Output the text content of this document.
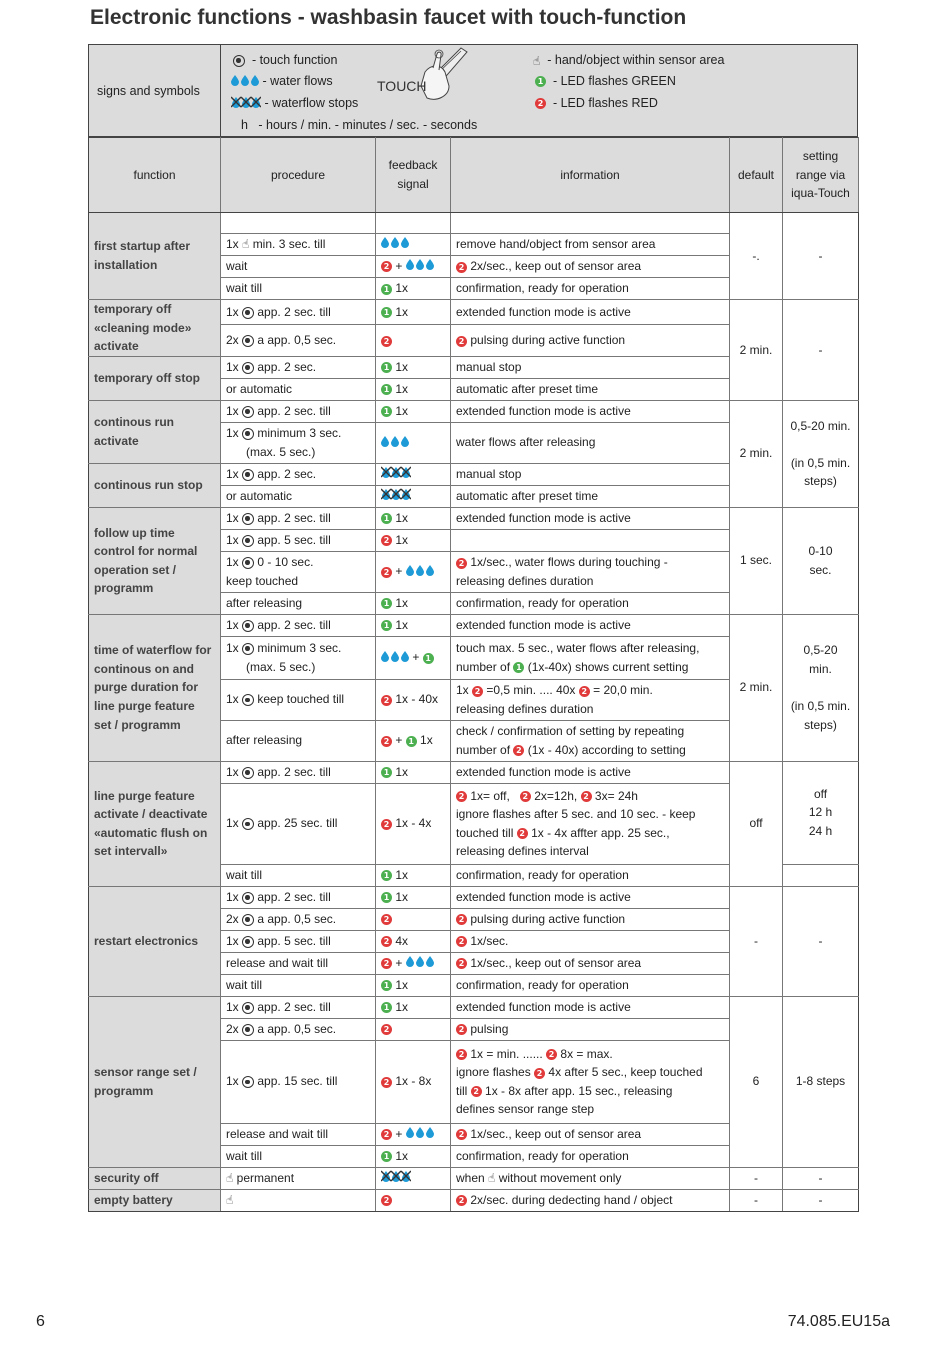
Electronic functions - washbasin faucet with touch-function
signs and symbols
- touch function
- water flows
- waterflow stops
h - hours / min. - minutes / sec. - seconds
☝ - hand/object within sensor area
1 - LED flashes GREEN
2 - LED flashes RED
TOUCH
function	procedure	feedback signal	information	default	setting range via iqua-Touch
first startup after installation				-.	-
	1x ☝ min. 3 sec. till		remove hand/object from sensor area		
	wait	2 +	2 2x/sec., keep out of sensor area		
	wait till	1 1x	confirmation, ready for operation		
temporary off «cleaning mode» activate	1x app. 2 sec. till	1 1x	extended function mode is active	2 min.	-
	2x a app. 0,5 sec.	2	2 pulsing during active function		
temporary off stop	1x app. 2 sec.	1 1x	manual stop		
	or automatic	1 1x	automatic after preset time		
continous run activate	1x app. 2 sec. till	1 1x	extended function mode is active	2 min.	0,5-20 min.

(in 0,5 min.
steps)
	1x minimum 3 sec.
(max. 5 sec.)		water flows after releasing		
continous run stop	1x app. 2 sec.		manual stop		
	or automatic		automatic after preset time		
follow up time control for normal operation set / programm	1x app. 2 sec. till	1 1x	extended function mode is active	1 sec.	0-10
sec.
	1x app. 5 sec. till	2 1x			
	1x 0 - 10 sec.
keep touched	2 +	2 1x/sec., water flows during touching -
releasing defines duration		
	after releasing	1 1x	confirmation, ready for operation		
time of waterflow for continous on and purge duration for line purge feature set / programm	1x app. 2 sec. till	1 1x	extended function mode is active	2 min.	0,5-20
min.

(in 0,5 min.
steps)
	1x minimum 3 sec.
(max. 5 sec.)	+ 1	touch max. 5 sec., water flows after releasing,
number of 1 (1x-40x) shows current setting		
	1x keep touched till	2 1x - 40x	1x 2 =0,5 min. .... 40x 2 = 20,0 min.
releasing defines duration		
	after releasing	2 + 1 1x	check / confirmation of setting by repeating
number of 2 (1x - 40x) according to setting		
line purge feature activate / deactivate «automatic flush on set intervall»	1x  app. 2 sec. till	1 1x	extended function mode is active	off	off
12 h
24 h
	1x app. 25 sec. till	2 1x - 4x	2 1x= off, 2 2x=12h, 2 3x= 24h
ignore flashes after 5 sec. and 10 sec. - keep
touched till 2 1x - 4x affter app. 25 sec.,
releasing defines interval		
	wait till	1 1x	confirmation, ready for operation		
restart electronics	1x app. 2 sec. till	1 1x	extended function mode is active	-	-
	2x a app. 0,5 sec.	2	2 pulsing during active function		
	1x app. 5 sec. till	2 4x	2 1x/sec.		
	release and wait till	2 +	2 1x/sec., keep out of sensor area		
	wait till	1 1x	confirmation, ready for operation		
sensor range set / programm	1x app. 2 sec. till	1 1x	extended function mode is active	6	1-8 steps
	2x a app. 0,5 sec.	2	2 pulsing		
	1x app. 15 sec. till	2 1x - 8x	2 1x = min. ...... 2 8x = max.
ignore flashes 2 4x after 5 sec., keep touched
till 2 1x - 8x after app. 15 sec., releasing
defines sensor range step		
	release and wait till	2 +	2 1x/sec., keep out of sensor area		
	wait till	1 1x	confirmation, ready for operation		
security off	☝ permanent		when ☝ without movement only	-	-
empty battery	☝	2	2 2x/sec. during dedecting hand / object	-	-
6	74.085.EU15a
